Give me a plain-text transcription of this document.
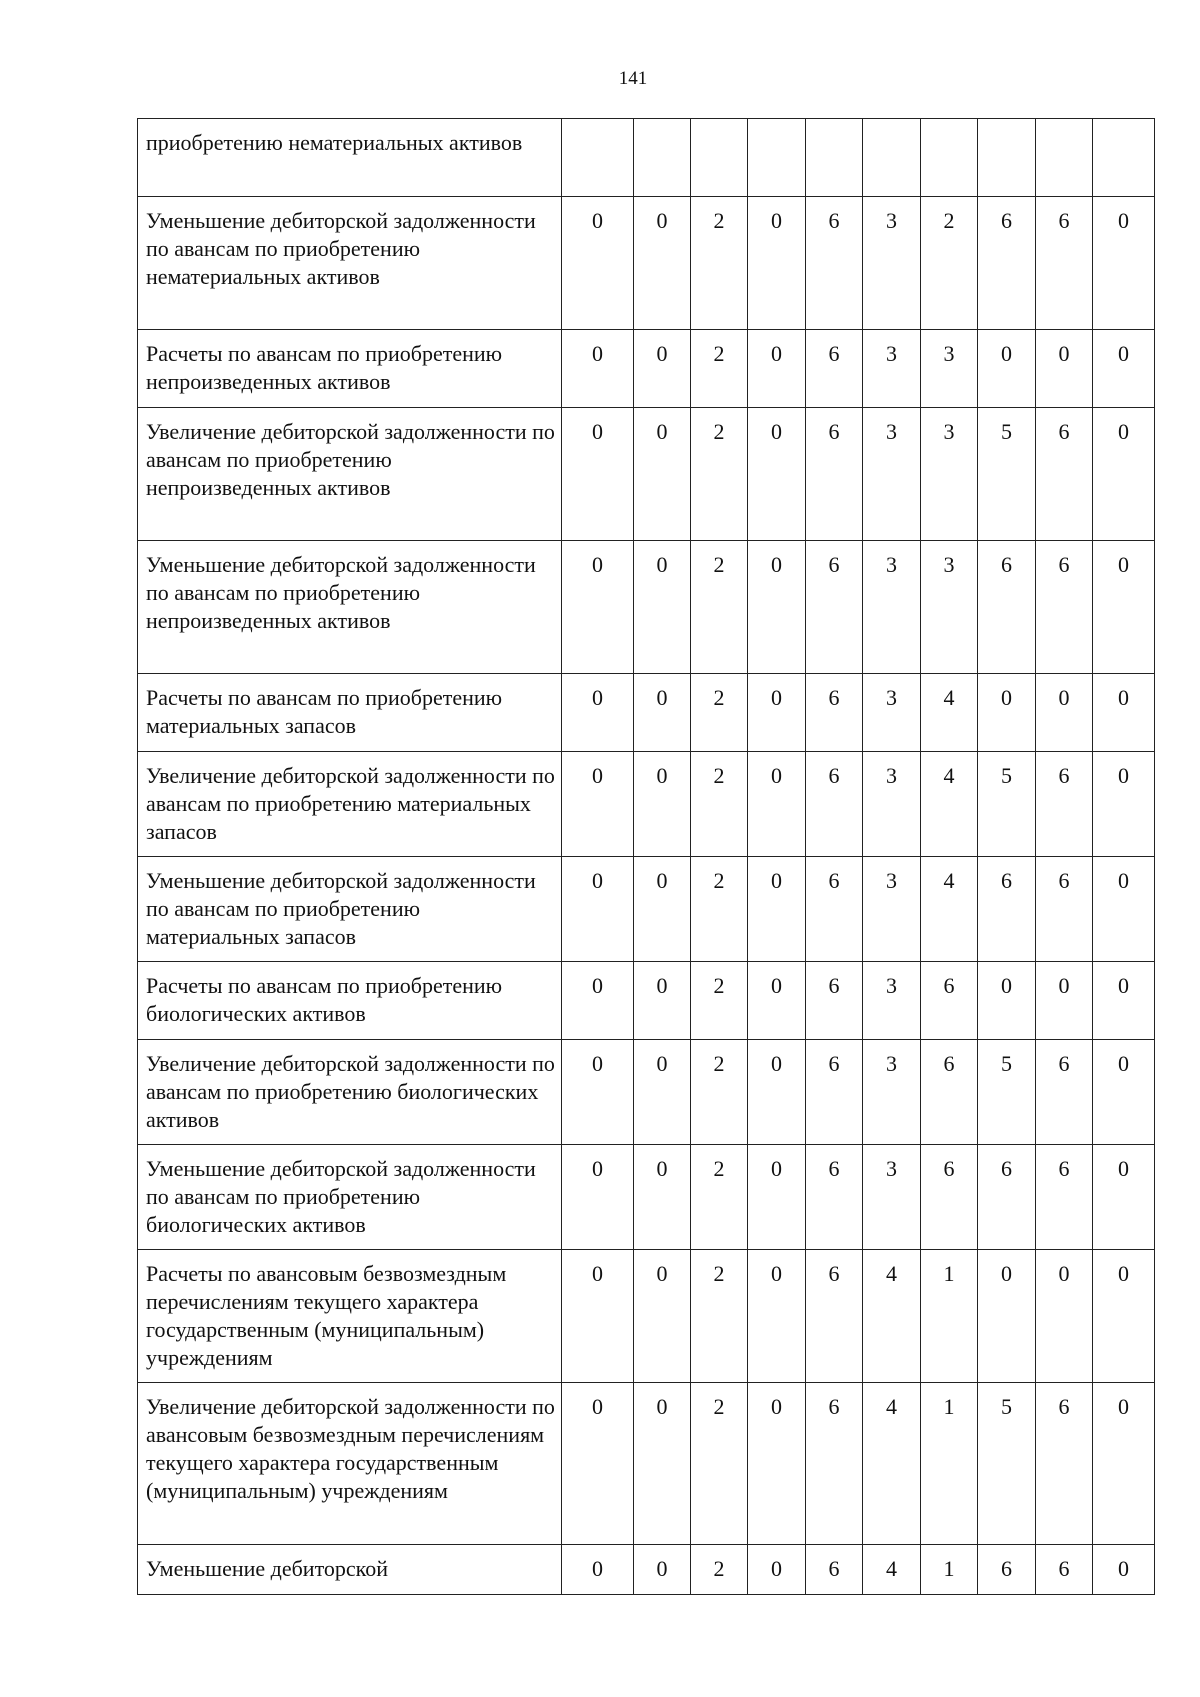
141
приобретению нематериальных активов										
Уменьшение дебиторской задолженности по авансам по приобретению нематериальных активов	0	0	2	0	6	3	2	6	6	0
Расчеты по авансам по приобретению непроизведенных активов	0	0	2	0	6	3	3	0	0	0
Увеличение дебиторской задолженности по авансам по приобретению непроизведенных активов	0	0	2	0	6	3	3	5	6	0
Уменьшение дебиторской задолженности по авансам по приобретению непроизведенных активов	0	0	2	0	6	3	3	6	6	0
Расчеты по авансам по приобретению материальных запасов	0	0	2	0	6	3	4	0	0	0
Увеличение дебиторской задолженности по авансам по приобретению материальных запасов	0	0	2	0	6	3	4	5	6	0
Уменьшение дебиторской задолженности по авансам по приобретению материальных запасов	0	0	2	0	6	3	4	6	6	0
Расчеты по авансам по приобретению биологических активов	0	0	2	0	6	3	6	0	0	0
Увеличение дебиторской задолженности по авансам по приобретению биологических активов	0	0	2	0	6	3	6	5	6	0
Уменьшение дебиторской задолженности по авансам по приобретению биологических активов	0	0	2	0	6	3	6	6	6	0
Расчеты по авансовым безвозмездным перечислениям текущего характера государственным (муниципальным) учреждениям	0	0	2	0	6	4	1	0	0	0
Увеличение дебиторской задолженности по авансовым безвозмездным перечислениям текущего характера государственным (муниципальным) учреждениям	0	0	2	0	6	4	1	5	6	0
Уменьшение дебиторской	0	0	2	0	6	4	1	6	6	0
